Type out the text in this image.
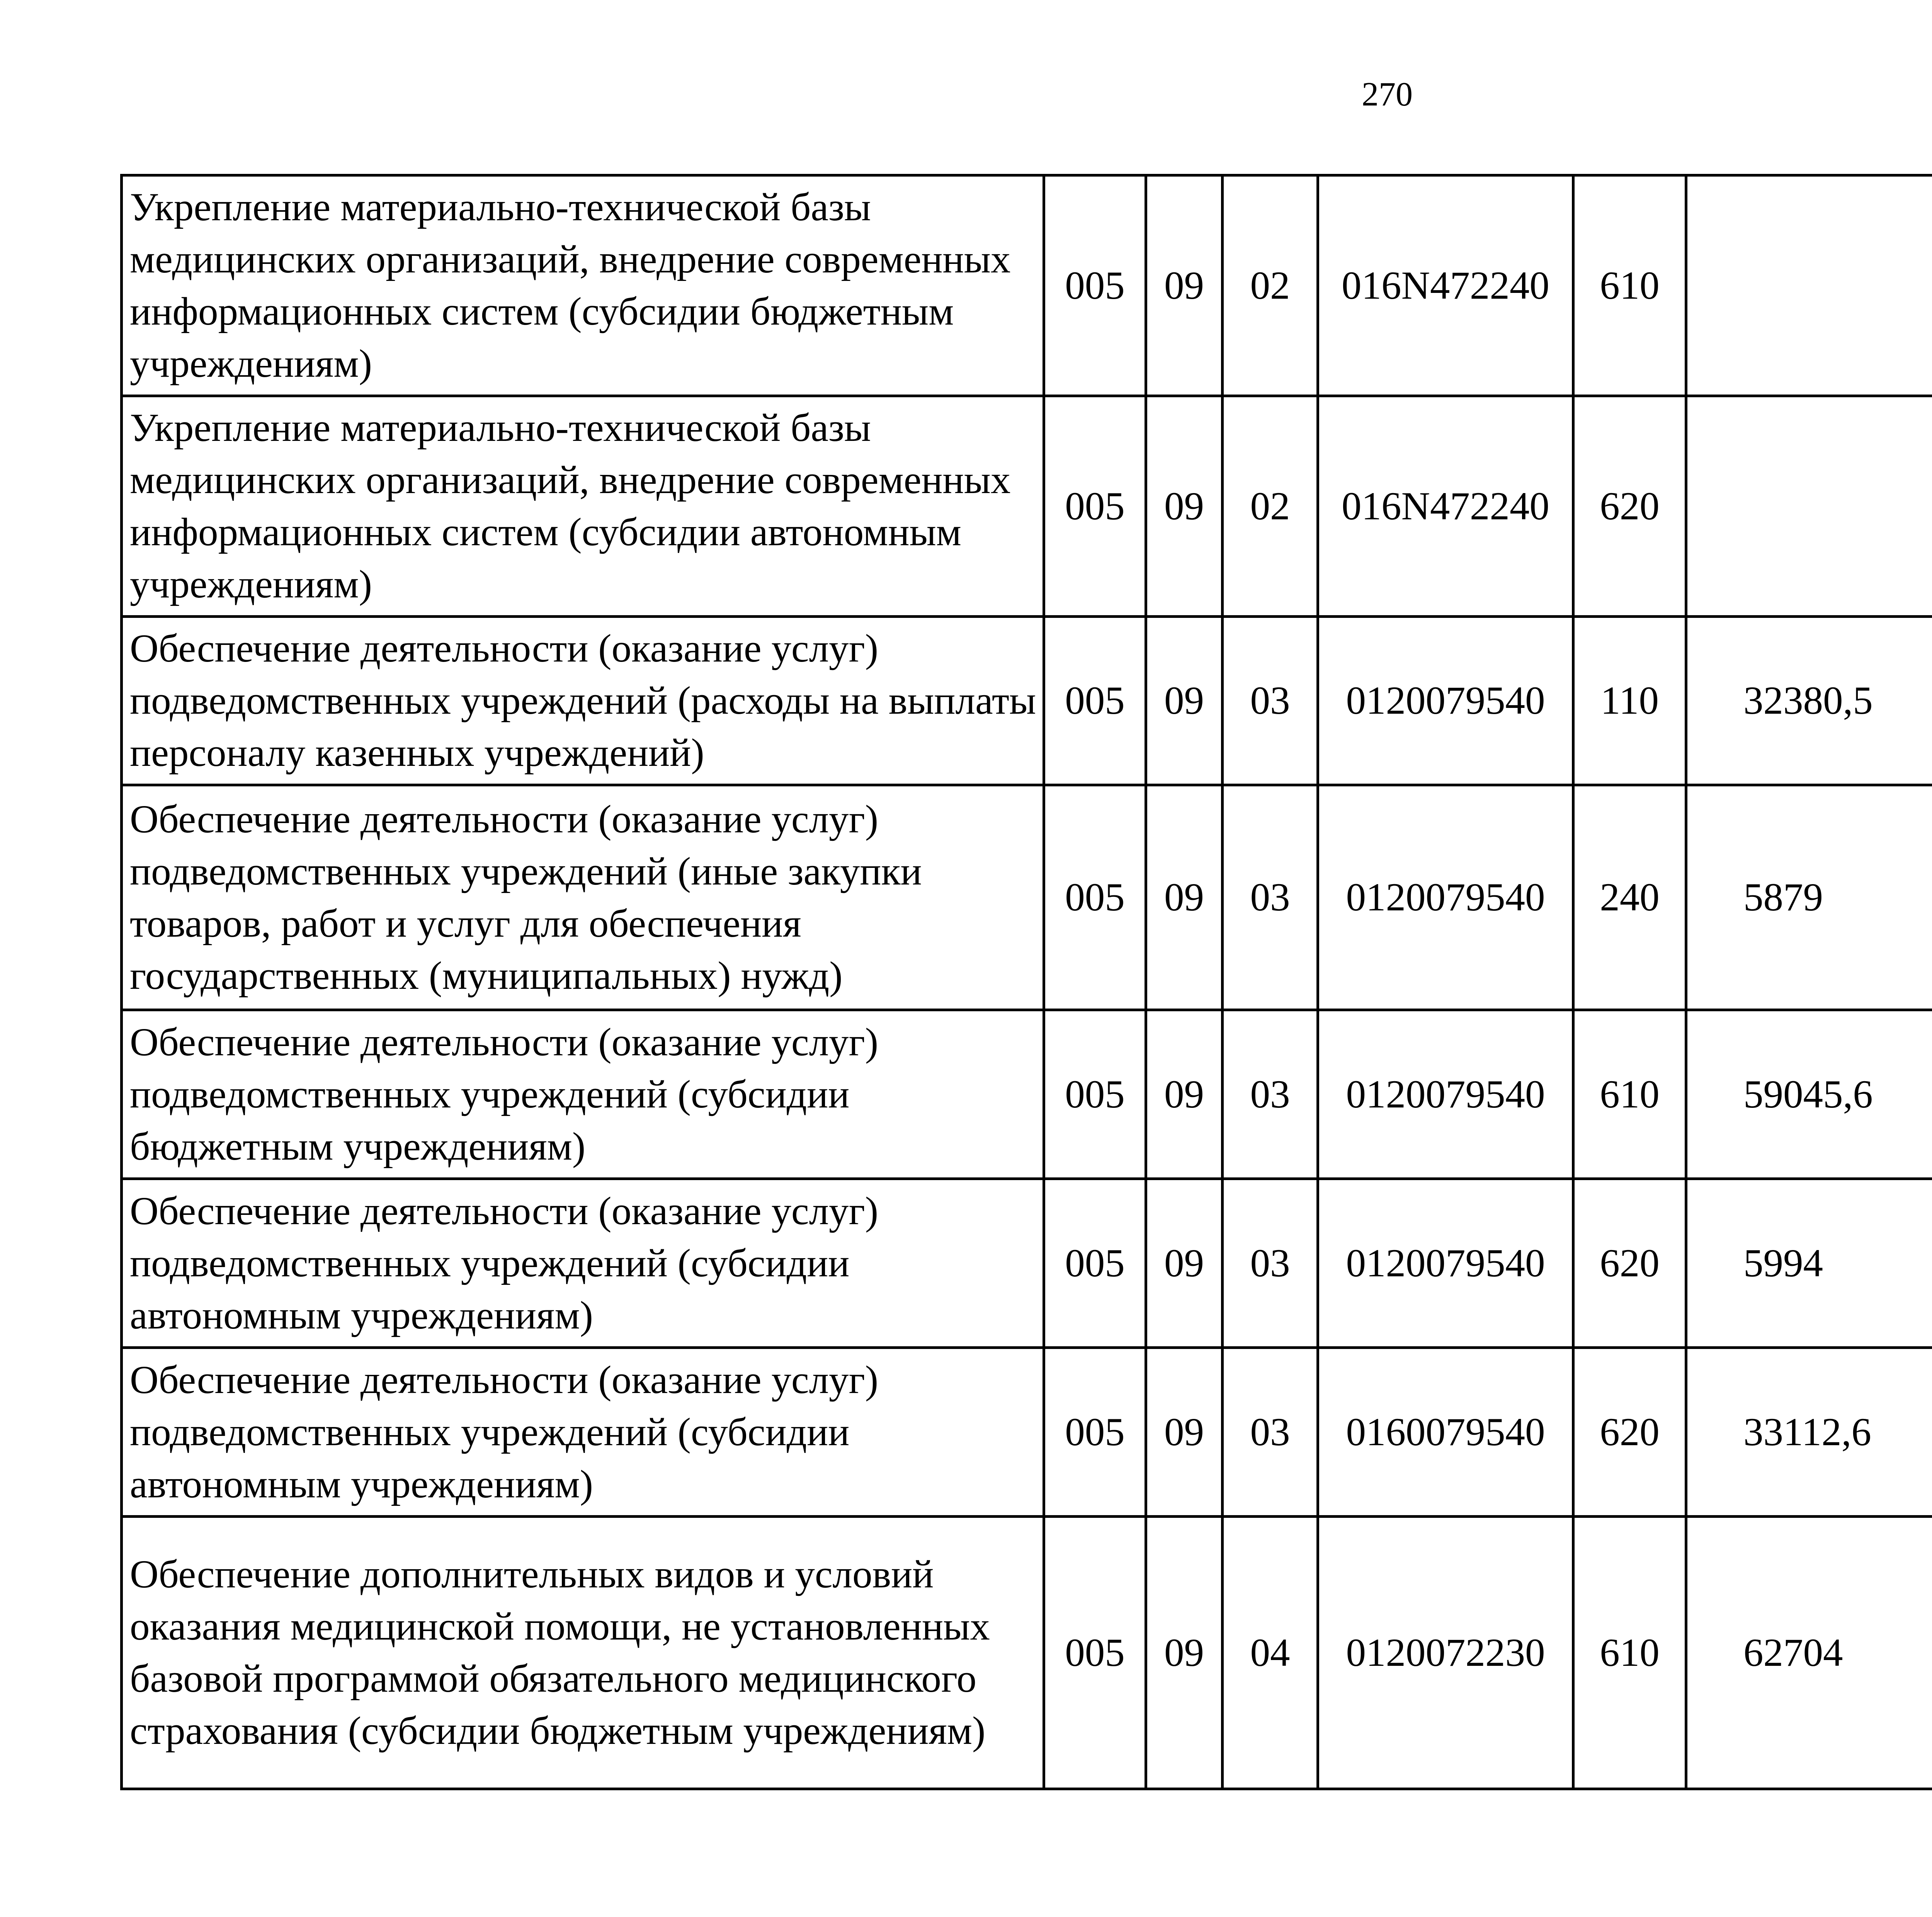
270
Укрепление материально-технической базы медицинских организаций, внедрение современных информационных систем (субсидии бюджетным учреждениям)	005	09	02	016N472240	610			
Укрепление материально-технической базы медицинских организаций, внедрение современных информационных систем (субсидии автономным учреждениям)	005	09	02	016N472240	620			
Обеспечение деятельности (оказание услуг) подведомственных учреждений (расходы на выплаты персоналу казенных учреждений)	005	09	03	0120079540	110	32380,5		
Обеспечение деятельности (оказание услуг) подведомственных учреждений (иные закупки товаров, работ и услуг для обеспечения государственных (муниципальных) нужд)	005	09	03	0120079540	240	5879		
Обеспечение деятельности (оказание услуг) подведомственных учреждений (субсидии бюджетным учреждениям)	005	09	03	0120079540	610	59045,6		
Обеспечение деятельности (оказание услуг) подведомственных учреждений (субсидии автономным учреждениям)	005	09	03	0120079540	620	5994		
Обеспечение деятельности (оказание услуг) подведомственных учреждений (субсидии автономным учреждениям)	005	09	03	0160079540	620	33112,6		
Обеспечение дополнительных видов и условий оказания медицинской помощи, не установленных базовой программой обязательного медицинского страхования (субсидии бюджетным учреждениям)	005	09	04	0120072230	610	62704		
